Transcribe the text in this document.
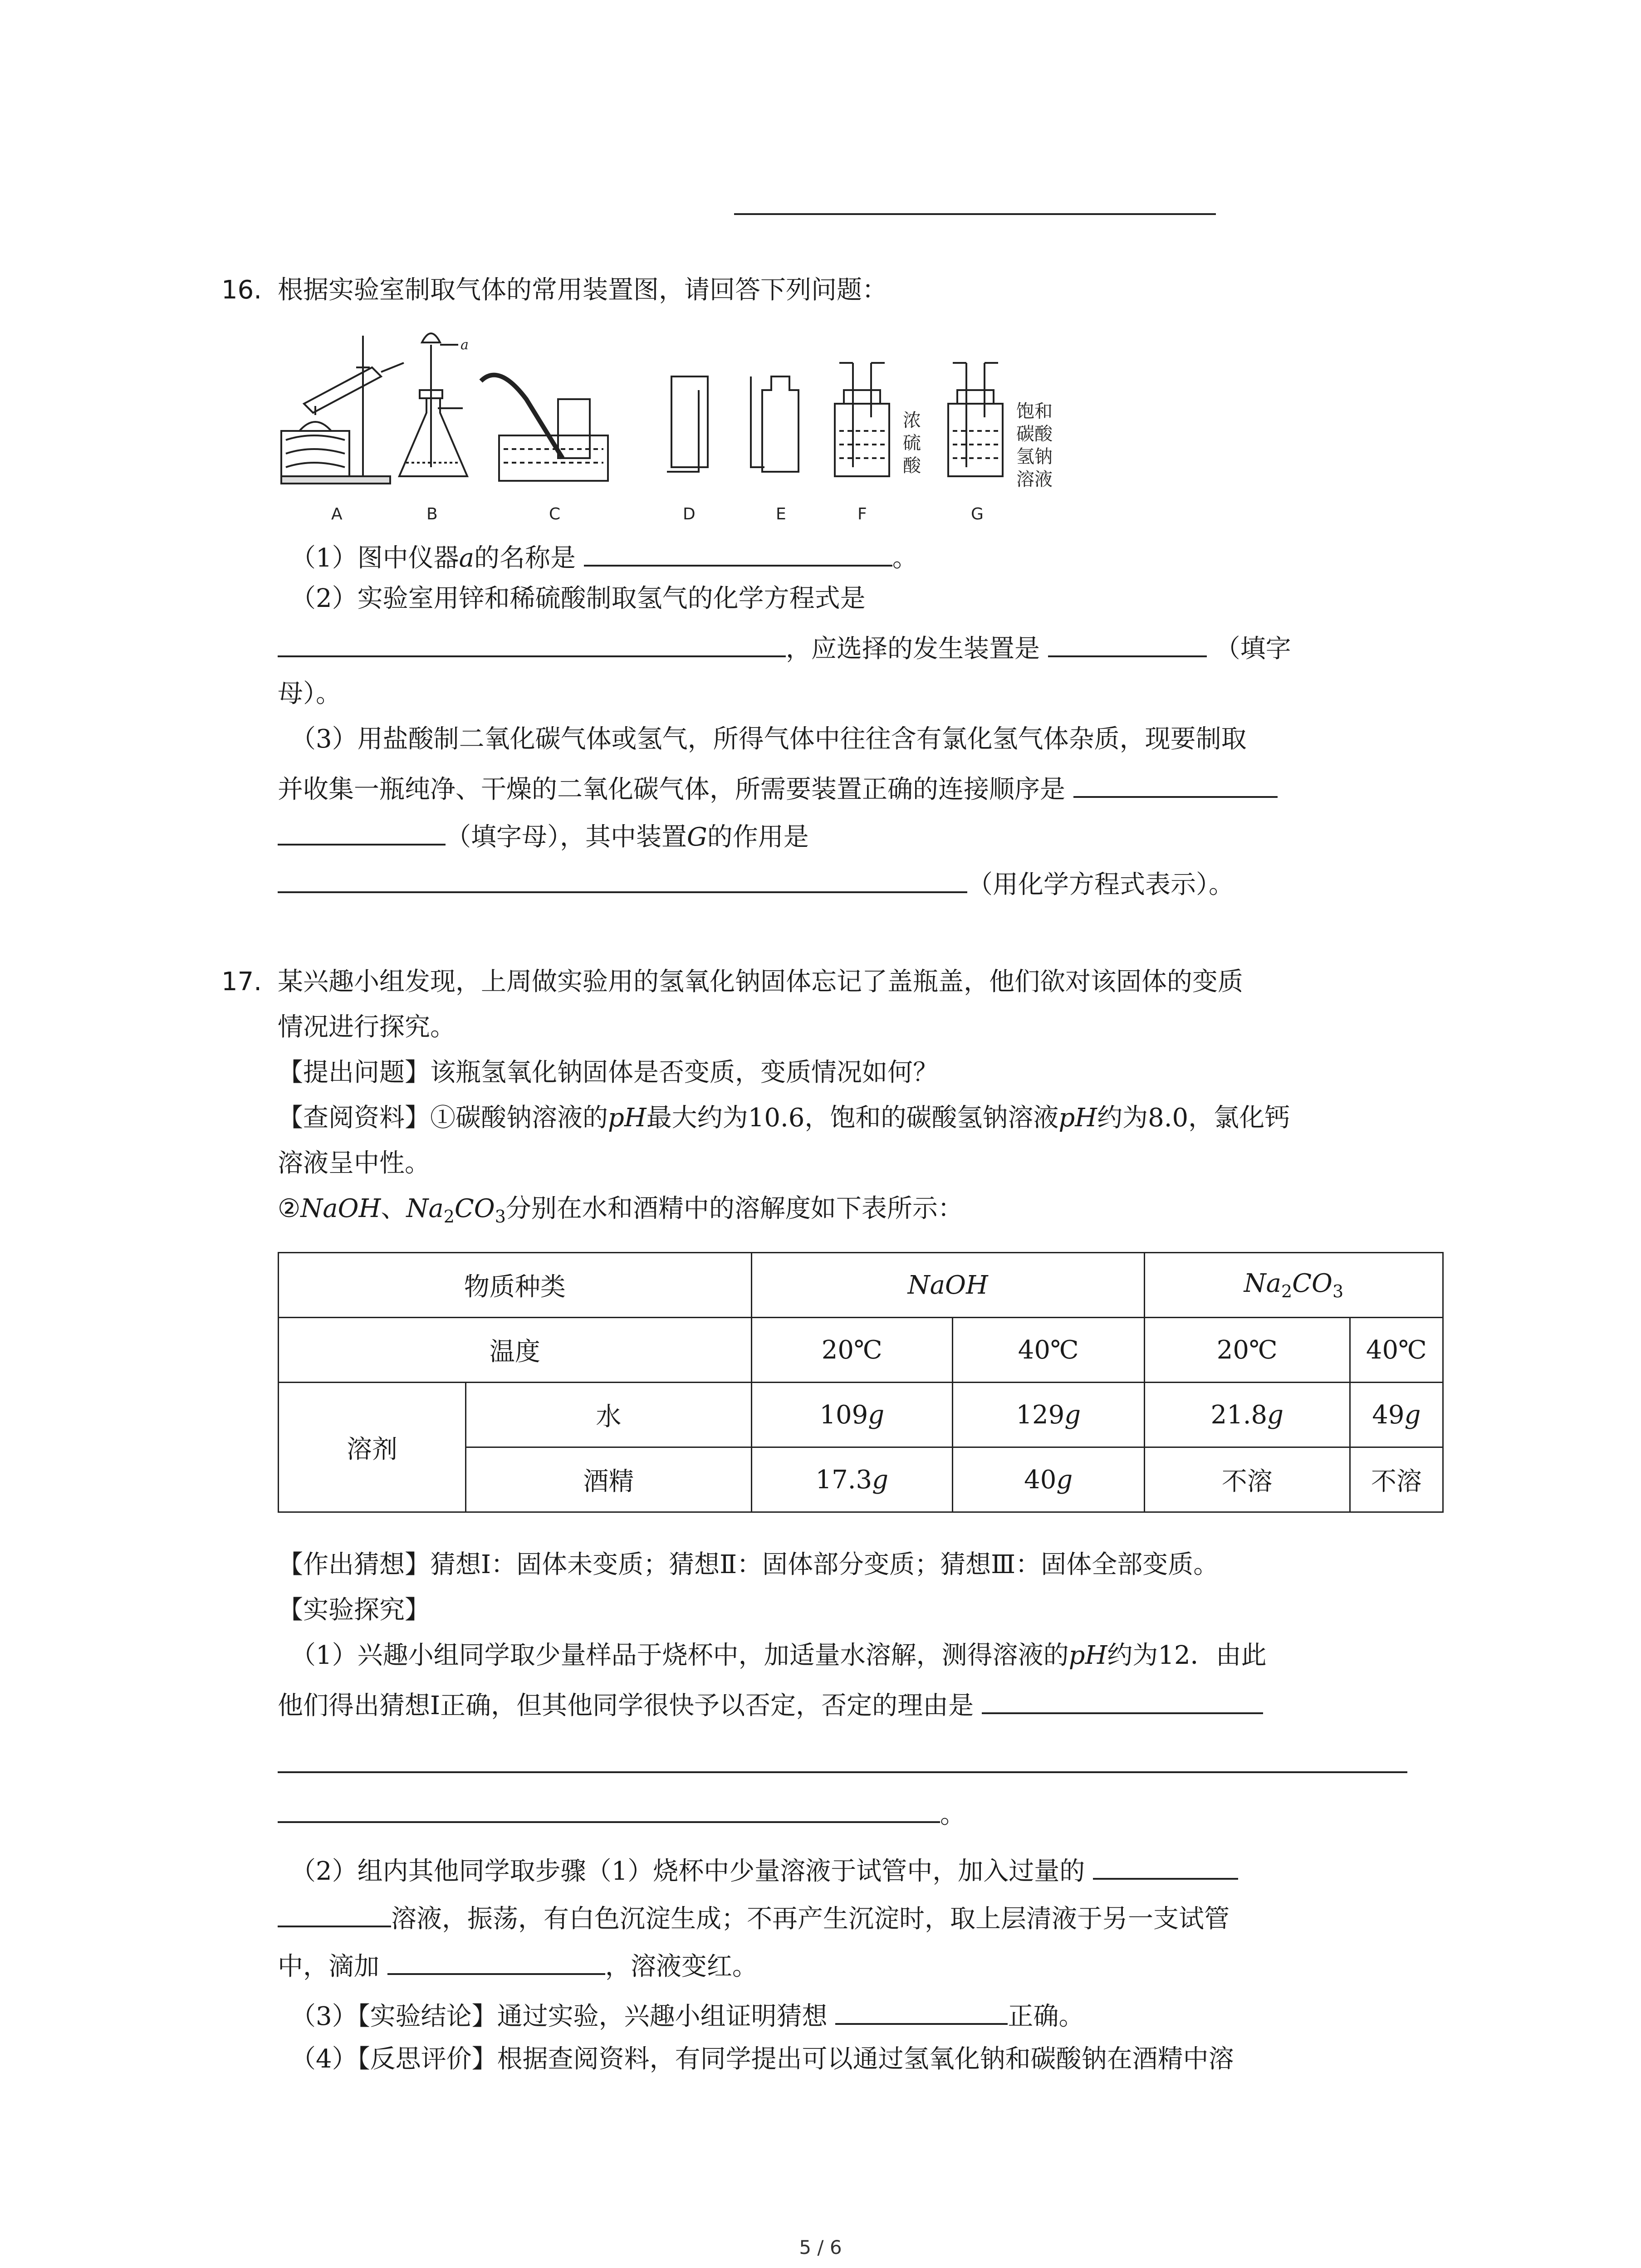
16. 根据实验室制取气体的常用装置图，请回答下列问题：
A
a
B	C	D	E	F
浓
硫
酸
G
饱和
碳酸
氢钠
溶液
（1）图中仪器a的名称是	。
（2）实验室用锌和稀硫酸制取氢气的化学方程式是
，应选择的发生装置是	（填字
母）。
（3）用盐酸制二氧化碳气体或氢气，所得气体中往往含有氯化氢气体杂质，现要制取
并收集一瓶纯净、干燥的二氧化碳气体，所需要装置正确的连接顺序是
（填字母），其中装置G的作用是
（用化学方程式表示）。
17. 某兴趣小组发现，上周做实验用的氢氧化钠固体忘记了盖瓶盖，他们欲对该固体的变质
情况进行探究。
【提出问题】该瓶氢氧化钠固体是否变质，变质情况如何？
【查阅资料】①碳酸钠溶液的pH最大约为10.6，饱和的碳酸氢钠溶液pH约为8.0，氯化钙
溶液呈中性。
②NaOH、$Na_2CO_3$分别在水和酒精中的溶解度如下表所示：
物质种类		NaOH		$Na_2CO_3$
温度		20℃	40℃	20℃	40℃
溶剂	水	109g	129g	21.8g	49g
	酒精	17.3g	40g	不溶	不溶
【作出猜想】猜想Ⅰ：固体未变质；猜想Ⅱ：固体部分变质；猜想Ⅲ：固体全部变质。
【实验探究】
（1）兴趣小组同学取少量样品于烧杯中，加适量水溶解，测得溶液的pH约为12．由此
他们得出猜想Ⅰ正确，但其他同学很快予以否定，否定的理由是
。
（2）组内其他同学取步骤（1）烧杯中少量溶液于试管中，加入过量的
溶液，振荡，有白色沉淀生成；不再产生沉淀时，取上层清液于另一支试管
中，滴加	，溶液变红。
（3）【实验结论】通过实验，兴趣小组证明猜想	正确。
（4）【反思评价】根据查阅资料，有同学提出可以通过氢氧化钠和碳酸钠在酒精中溶
5 / 6
